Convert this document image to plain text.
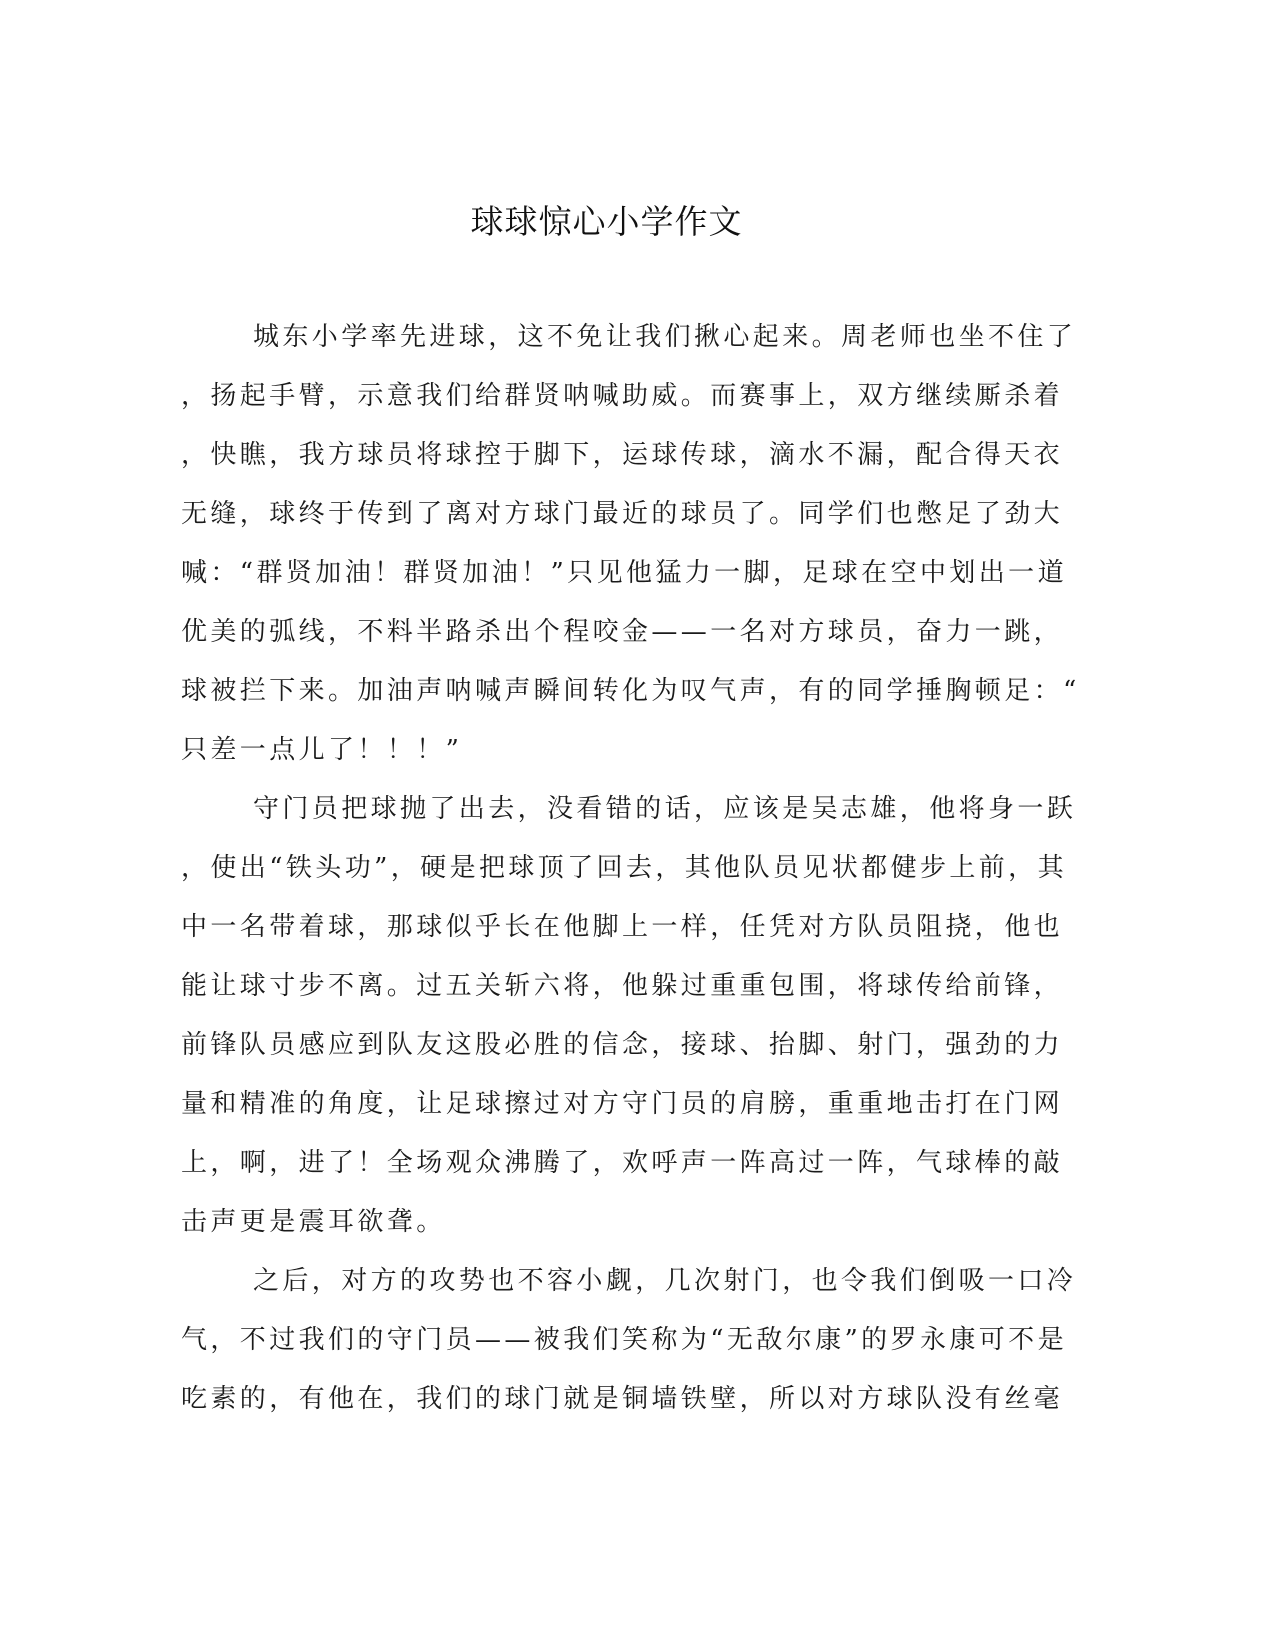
球球惊心小学作文
城东小学率先进球，这不免让我们揪心起来。周老师也坐不住了
，扬起手臂，示意我们给群贤呐喊助威。而赛事上，双方继续厮杀着
，快瞧，我方球员将球控于脚下，运球传球，滴水不漏，配合得天衣
无缝，球终于传到了离对方球门最近的球员了。同学们也憋足了劲大
喊：“群贤加油！群贤加油！”只见他猛力一脚，足球在空中划出一道
优美的弧线，不料半路杀出个程咬金——一名对方球员，奋力一跳，
球被拦下来。加油声呐喊声瞬间转化为叹气声，有的同学捶胸顿足：“
只差一点儿了！！！”
守门员把球抛了出去，没看错的话，应该是吴志雄，他将身一跃
，使出“铁头功”，硬是把球顶了回去，其他队员见状都健步上前，其
中一名带着球，那球似乎长在他脚上一样，任凭对方队员阻挠，他也
能让球寸步不离。过五关斩六将，他躲过重重包围，将球传给前锋，
前锋队员感应到队友这股必胜的信念，接球、抬脚、射门，强劲的力
量和精准的角度，让足球擦过对方守门员的肩膀，重重地击打在门网
上，啊，进了！全场观众沸腾了，欢呼声一阵高过一阵，气球棒的敲
击声更是震耳欲聋。
之后，对方的攻势也不容小觑，几次射门，也令我们倒吸一口冷
气，不过我们的守门员——被我们笑称为“无敌尔康”的罗永康可不是
吃素的，有他在，我们的球门就是铜墙铁壁，所以对方球队没有丝毫
